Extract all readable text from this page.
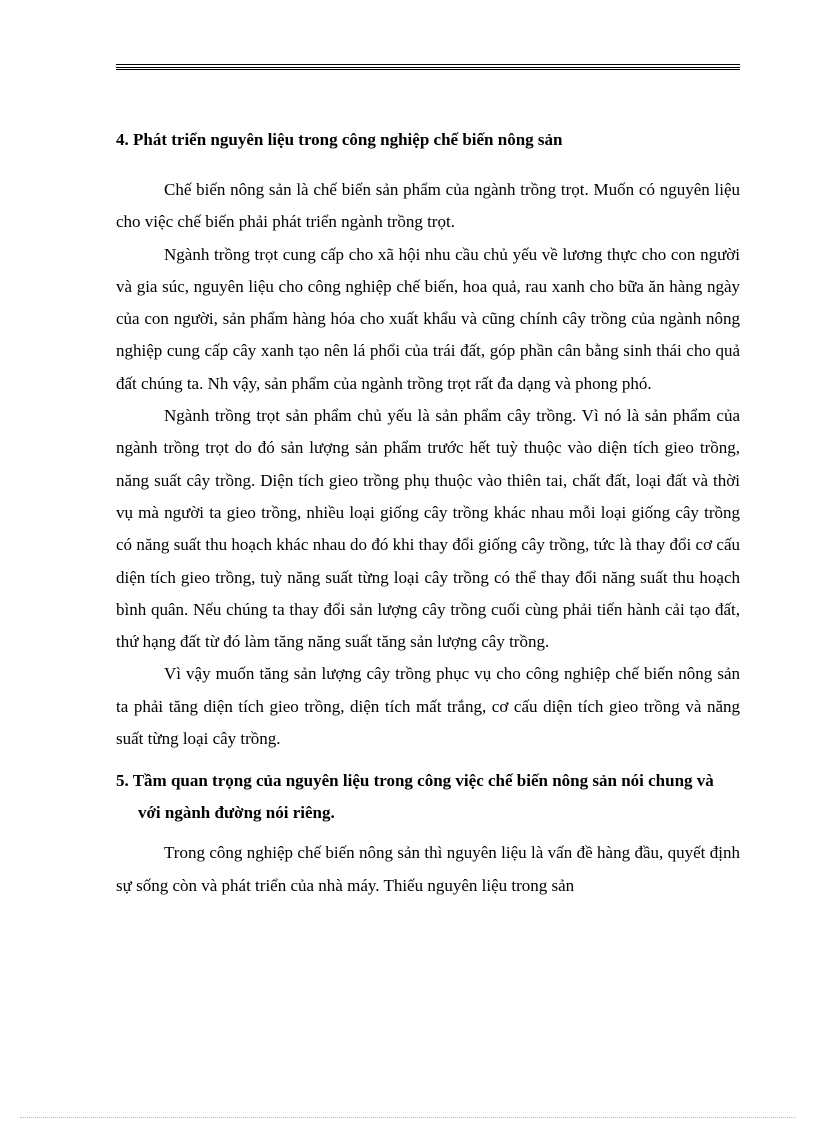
4. Phát triển nguyên liệu trong công nghiệp chế biến nông sản

Chế biến nông sản là chế biến sản phẩm của ngành trồng trọt. Muốn có nguyên liệu cho việc chế biến phải phát triển ngành trồng trọt.

Ngành trồng trọt cung cấp cho xã hội nhu cầu chủ yếu về lương thực cho con người và gia súc, nguyên liệu cho công nghiệp chế biến, hoa quả, rau xanh cho bữa ăn hàng ngày của con người, sản phẩm hàng hóa cho xuất khẩu và cũng chính cây trồng của ngành nông nghiệp cung cấp cây xanh tạo nên lá phổi của trái đất, góp phần cân bằng sinh thái cho quả đất chúng ta. Nh vậy, sản phẩm của ngành trồng trọt rất đa dạng và phong phó.

Ngành trồng trọt sản phẩm chủ yếu là sản phẩm cây trồng. Vì nó là sản phẩm của ngành trồng trọt do đó sản lượng sản phẩm trước hết tuỳ thuộc vào diện tích gieo trồng, năng suất cây trồng. Diện tích gieo trồng phụ thuộc vào thiên tai, chất đất, loại đất và thời vụ mà người ta gieo trồng, nhiều loại giống cây trồng khác nhau mỗi loại giống cây trồng có năng suất thu hoạch khác nhau do đó khi thay đổi giống cây trồng, tức là thay đổi cơ cấu diện tích gieo trồng, tuỳ năng suất từng loại cây trồng có thể thay đổi năng suất thu hoạch bình quân. Nếu chúng ta thay đổi sản lượng cây trồng cuối cùng phải tiến hành cải tạo đất, thứ hạng đất từ đó làm tăng năng suất tăng sản lượng cây trồng.

Vì vậy muốn tăng sản lượng cây trồng phục vụ cho công nghiệp chế biến nông sản ta phải tăng diện tích gieo trồng, diện tích mất trắng, cơ cấu diện tích gieo trồng và năng suất từng loại cây trồng.

5. Tầm quan trọng của nguyên liệu trong công việc chế biến nông sản nói chung và với ngành đường nói riêng.

Trong công nghiệp chế biến nông sản thì nguyên liệu là vấn đề hàng đầu, quyết định sự sống còn và phát triển của nhà máy. Thiếu nguyên liệu trong sản
